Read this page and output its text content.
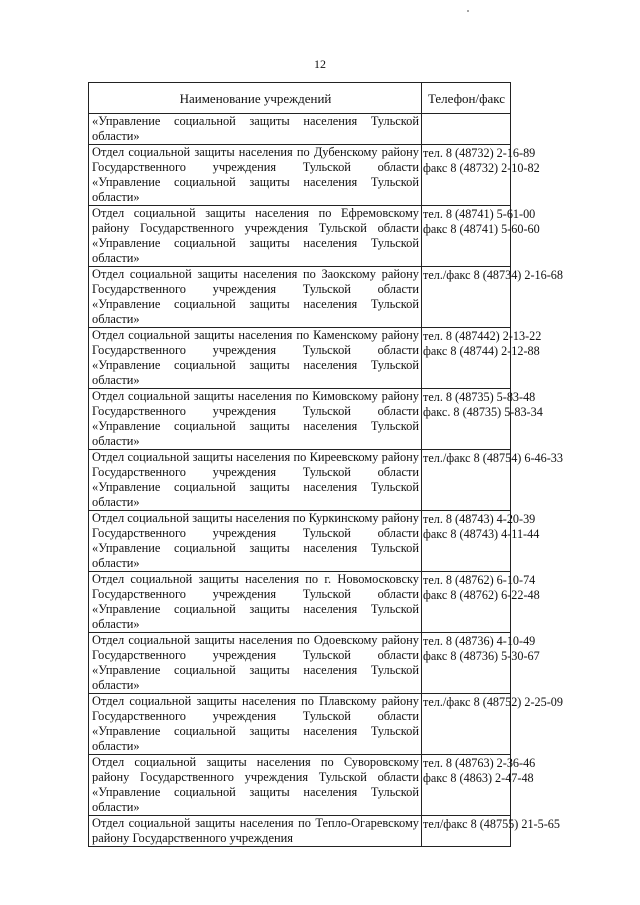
12
Наименование учреждений	Телефон/факс
«Управление социальной защиты населения Тульской области»	
Отдел социальной защиты населения по Дубенскому району Государственного учреждения Тульской области «Управление социальной защиты населения Тульской области»	тел. 8 (48732) 2-16-89
факс 8 (48732) 2-10-82

Отдел социальной защиты населения по Ефремовскому району Государственного учреждения Тульской области «Управление социальной защиты населения Тульской области»	тел. 8 (48741) 5-61-00
факс 8 (48741) 5-60-60

Отдел социальной защиты населения по Заокскому району Государственного учреждения Тульской области «Управление социальной защиты населения Тульской области»	тел./факс 8 (48734) 2-16-68

Отдел социальной защиты населения по Каменскому району Государственного учреждения Тульской области «Управление социальной защиты населения Тульской области»	тел. 8 (487442) 2-13-22
факс 8 (48744) 2-12-88

Отдел социальной защиты населения по Кимовскому району Государственного учреждения Тульской области «Управление социальной защиты населения Тульской области»	тел. 8 (48735) 5-83-48
факс. 8 (48735) 5-83-34

Отдел социальной защиты населения по Киреевскому району Государственного учреждения Тульской области «Управление социальной защиты населения Тульской области»	тел./факс 8 (48754) 6-46-33

Отдел социальной защиты населения по Куркинскому району Государственного учреждения Тульской области «Управление социальной защиты населения Тульской области»	тел. 8 (48743) 4-20-39
факс 8 (48743) 4-11-44

Отдел социальной защиты населения по г. Новомосковску Государственного учреждения Тульской области «Управление социальной защиты населения Тульской области»	тел. 8 (48762) 6-10-74
факс 8 (48762) 6-22-48

Отдел социальной защиты населения по Одоевскому району Государственного учреждения Тульской области «Управление социальной защиты населения Тульской области»	тел. 8 (48736) 4-10-49
факс 8 (48736) 5-30-67

Отдел социальной защиты населения по Плавскому району Государственного учреждения Тульской области «Управление социальной защиты населения Тульской области»	тел./факс 8 (48752) 2-25-09

Отдел социальной защиты населения по Суворовскому району Государственного учреждения Тульской области «Управление социальной защиты населения Тульской области»	тел. 8 (48763) 2-36-46
факс 8 (4863) 2-47-48

Отдел социальной защиты населения по Тепло-Огаревскому району Государственного учреждения	тел/факс 8 (48755) 21-5-65
